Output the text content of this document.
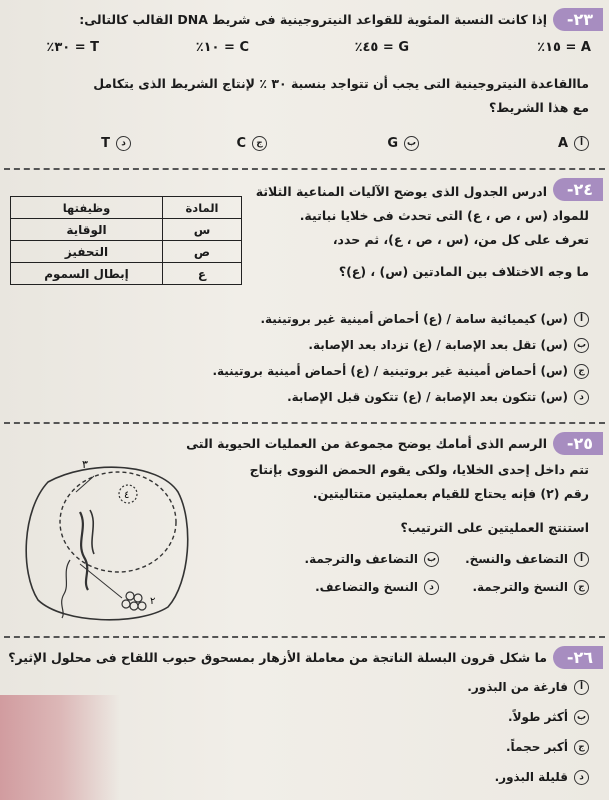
-٢٣
إذا كانت النسبة المئوية للقواعد النيتروجينية فى شريط DNA القالب كالتالى:
٪١٥ = A
٪٤٥ = G
٪١٠ = C
٪٣٠ = T
ماالقاعدة النيتروجينية التى يجب أن تتواجد بنسبة ٣٠ ٪ لإنتاج الشريط الذى يتكامل
مع هذا الشريط؟
أA
بG
جC
دT
-٢٤
ادرس الجدول الذى يوضح الآليات المناعية الثلاثة
للمواد (س ، ص ، ع) التى تحدث فى خلايا نباتية.
تعرف على كل من، (س ، ص ، ع)، ثم حدد،
ما وجه الاختلاف بين المادتين (س) ، (ع)؟
المادة	وظيفتها
س	الوقاية
ص	التحفيز
ع	إبطال السموم
أ(س) كيميائية سامة / (ع) أحماض أمينية غير بروتينية.
ب(س) تقل بعد الإصابة / (ع) تزداد بعد الإصابة.
ج(س) أحماض أمينية غير بروتينية / (ع) أحماض أمينية بروتينية.
د(س) تتكون بعد الإصابة / (ع) تتكون قبل الإصابة.
-٢٥
الرسم الذى أمامك يوضح مجموعة من العمليات الحيوية التى
تتم داخل إحدى الخلايا، ولكى يقوم الحمض النووى بإنتاج
رقم (٢) فإنه يحتاج للقيام بعمليتين متتاليتين.
استنتج العمليتين على الترتيب؟
أالتضاعف والنسخ.
بالتضاعف والترجمة.
جالنسخ والترجمة.
دالنسخ والتضاعف.
٣
٤
٢
-٢٦
ما شكل قرون البسلة الناتجة من معاملة الأزهار بمسحوق حبوب اللقاح فى محلول الإثير؟
أفارغة من البذور.
بأكثر طولاً.
جأكبر حجماً.
دقليلة البذور.
